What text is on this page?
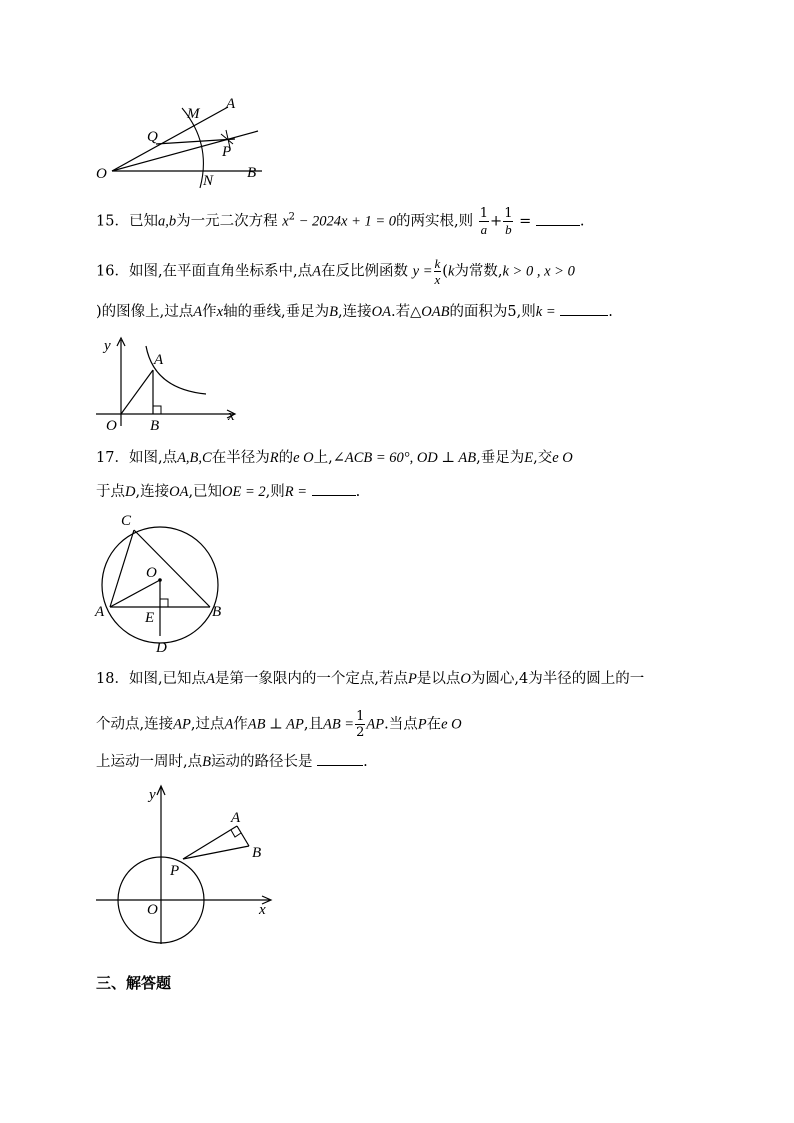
A
M
Q
P
O	N B
15．已知a,b为一元二次方程 $x^2 - 2024x + 1 = 0$的两实根,则 $\frac{1}{a} + \frac{1}{b}$ =	.
16．如图,在平面直角坐标系中,点A在反比例函数 $y = \frac{k}{x} (k$为常数,k > 0 , x > 0
)的图像上,过点A作x轴的垂线,垂足为B,连接OA.若△OAB的面积为5,则k =	.
y
A
O B
x
17．如图,点A,B,C在半径为R的e O上,∠ACB = 60°, OD ⊥ AB,垂足为E,交e O
于点D,连接OA,已知OE = 2,则R =	.
C
O
A	E	B
D
18．如图,已知点A是第一象限内的一个定点,若点P是以点O为圆心,4为半径的圆上的一
个动点,连接AP,过点A作AB ⊥ AP,且AB = $\frac{1}{2}$ AP.当点P在e O
上运动一周时,点B运动的路径长是	.
y
A
B
P
O	x
三、解答题
